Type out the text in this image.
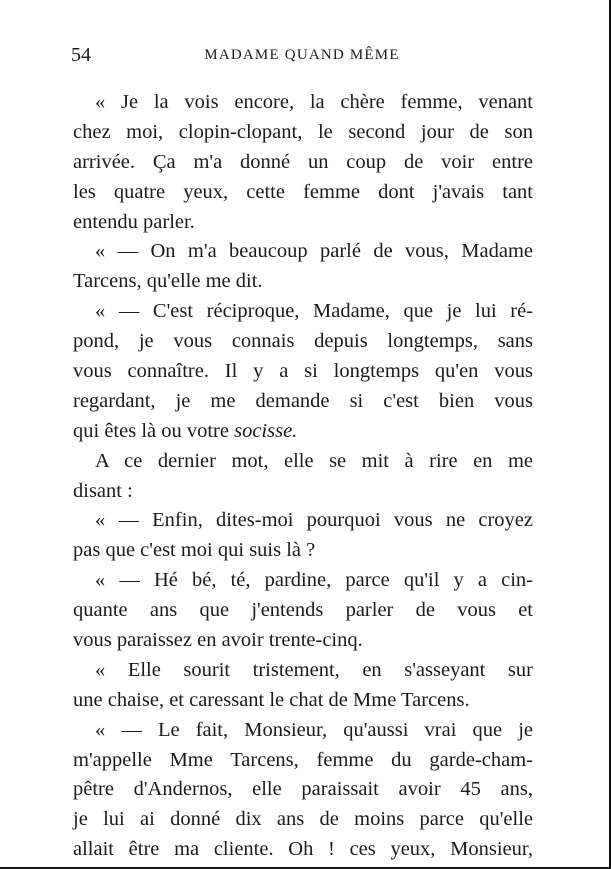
54	MADAME QUAND MÊME
« Je la vois encore, la chère femme, venant
chez moi, clopin-clopant, le second jour de son
arrivée. Ça m'a donné un coup de voir entre
les quatre yeux, cette femme dont j'avais tant
entendu parler.
« — On m'a beaucoup parlé de vous, Madame
Tarcens, qu'elle me dit.
« — C'est réciproque, Madame, que je lui ré-
pond, je vous connais depuis longtemps, sans
vous connaître. Il y a si longtemps qu'en vous
regardant, je me demande si c'est bien vous
qui êtes là ou votre socisse.
A ce dernier mot, elle se mit à rire en me
disant :
« — Enfin, dites-moi pourquoi vous ne croyez
pas que c'est moi qui suis là ?
« — Hé bé, té, pardine, parce qu'il y a cin-
quante ans que j'entends parler de vous et
vous paraissez en avoir trente-cinq.
« Elle sourit tristement, en s'asseyant sur
une chaise, et caressant le chat de Mme Tarcens.
« — Le fait, Monsieur, qu'aussi vrai que je
m'appelle Mme Tarcens, femme du garde-cham-
pêtre d'Andernos, elle paraissait avoir 45 ans,
je lui ai donné dix ans de moins parce qu'elle
allait être ma cliente. Oh ! ces yeux, Monsieur,
